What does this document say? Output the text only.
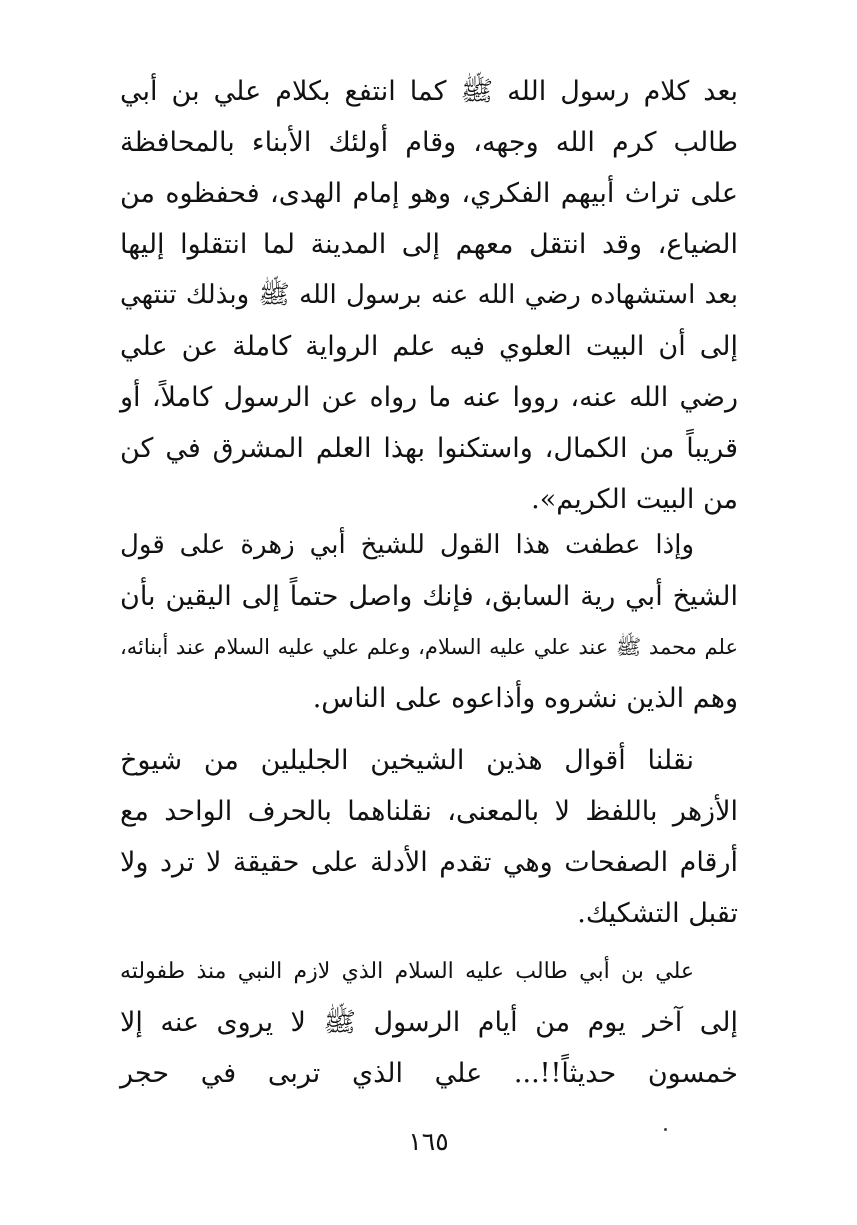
بعد كلام رسول الله ﷺ كما انتفع بكلام علي بن أبي
طالب كرم الله وجهه، وقام أولئك الأبناء بالمحافظة
على تراث أبيهم الفكري، وهو إمام الهدى، فحفظوه من
الضياع، وقد انتقل معهم إلى المدينة لما انتقلوا إليها
بعد استشهاده رضي الله عنه برسول الله ﷺ وبذلك تنتهي
إلى أن البيت العلوي فيه علم الرواية كاملة عن علي
رضي الله عنه، رووا عنه ما رواه عن الرسول كاملاً، أو
قريباً من الكمال، واستكنوا بهذا العلم المشرق في كن
من البيت الكريم».
وإذا عطفت هذا القول للشيخ أبي زهرة على قول
الشيخ أبي رية السابق، فإنك واصل حتماً إلى اليقين بأن
علم محمد ﷺ عند علي عليه السلام، وعلم علي عليه السلام عند أبنائه،
وهم الذين نشروه وأذاعوه على الناس.
نقلنا أقوال هذين الشيخين الجليلين من شيوخ
الأزهر باللفظ لا بالمعنى، نقلناهما بالحرف الواحد مع
أرقام الصفحات وهي تقدم الأدلة على حقيقة لا ترد ولا
تقبل التشكيك.
علي بن أبي طالب عليه السلام الذي لازم النبي منذ طفولته
إلى آخر يوم من أيام الرسول ﷺ لا يروى عنه إلا
خمسون حديثاً!!... علي الذي تربى في حجر
١٦٥
